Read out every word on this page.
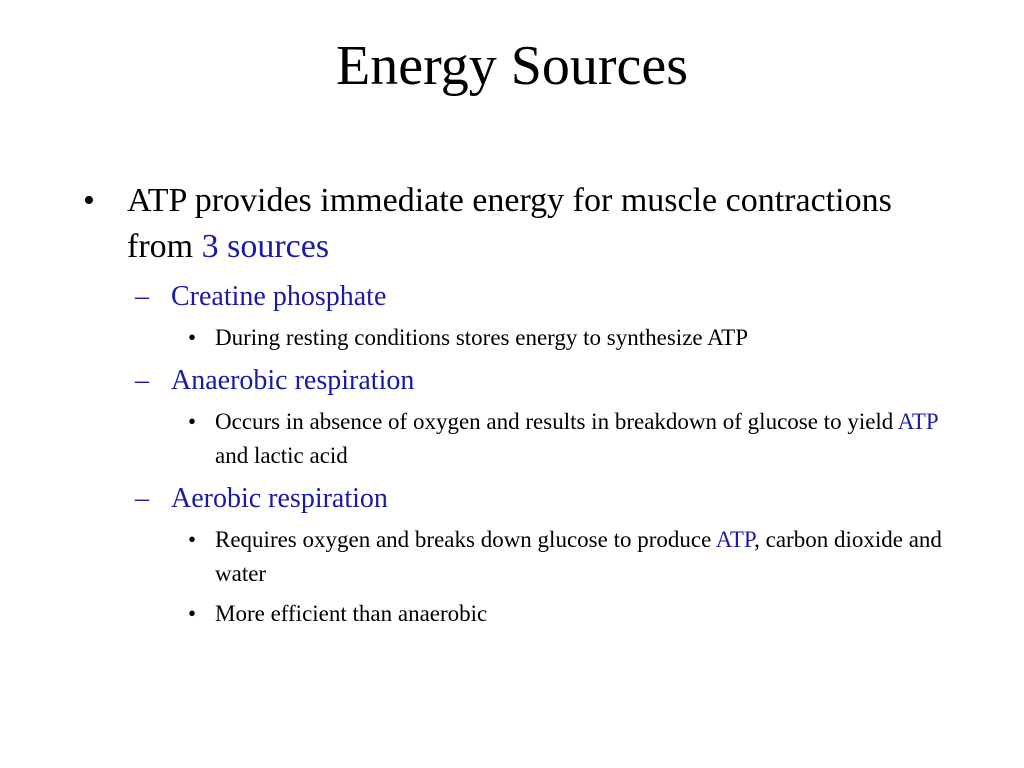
Energy Sources
• ATP provides immediate energy for muscle contractions from 3 sources
– Creatine phosphate
• During resting conditions stores energy to synthesize ATP
– Anaerobic respiration
• Occurs in absence of oxygen and results in breakdown of glucose to yield ATP and lactic acid
– Aerobic respiration
• Requires oxygen and breaks down glucose to produce ATP, carbon dioxide and water
• More efficient than anaerobic
